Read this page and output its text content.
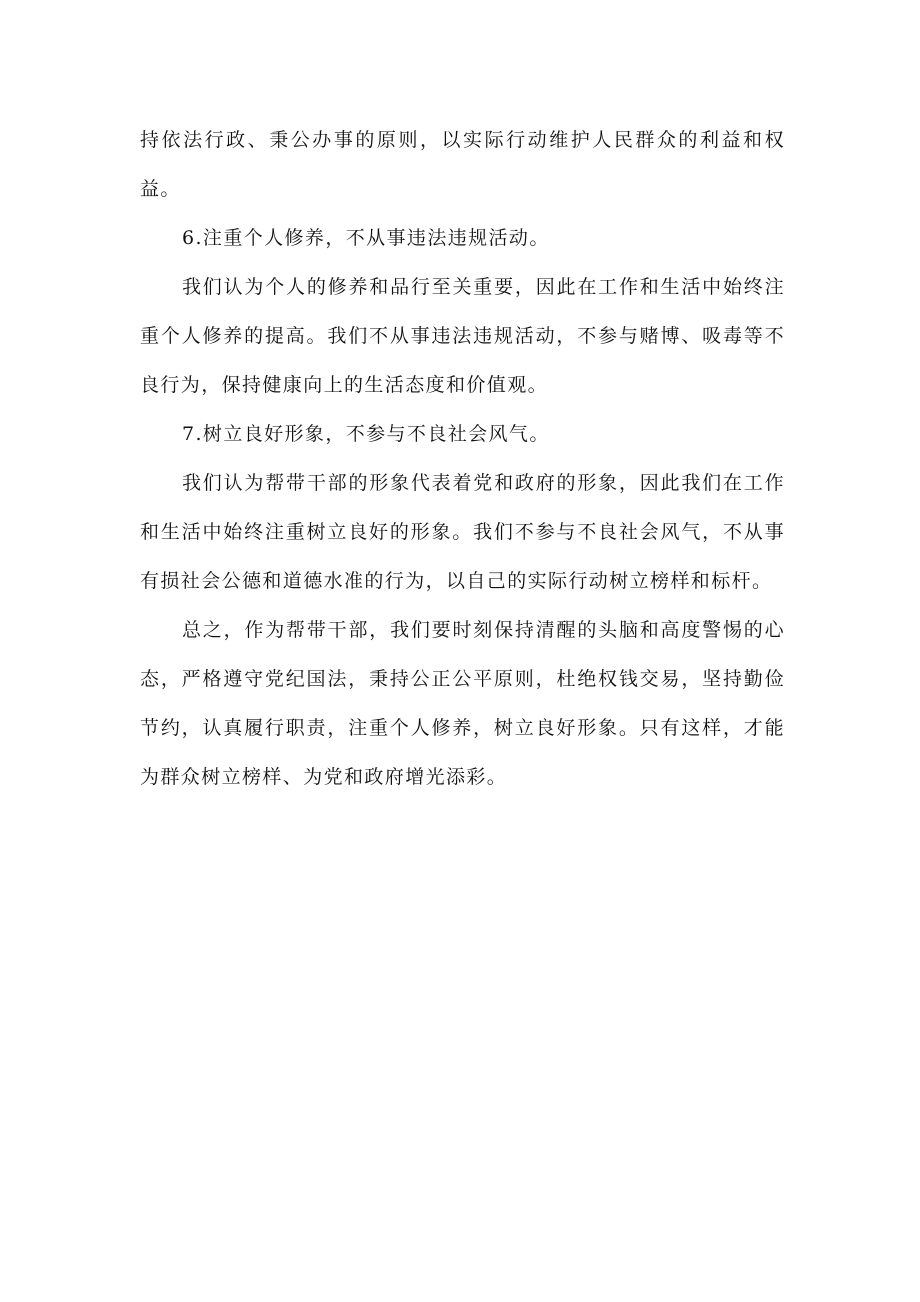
持依法行政、秉公办事的原则，以实际行动维护人民群众的利益和权益。

6.注重个人修养，不从事违法违规活动。

我们认为个人的修养和品行至关重要，因此在工作和生活中始终注重个人修养的提高。我们不从事违法违规活动，不参与赌博、吸毒等不良行为，保持健康向上的生活态度和价值观。

7.树立良好形象，不参与不良社会风气。

我们认为帮带干部的形象代表着党和政府的形象，因此我们在工作和生活中始终注重树立良好的形象。我们不参与不良社会风气，不从事有损社会公德和道德水准的行为，以自己的实际行动树立榜样和标杆。

总之，作为帮带干部，我们要时刻保持清醒的头脑和高度警惕的心态，严格遵守党纪国法，秉持公正公平原则，杜绝权钱交易，坚持勤俭节约，认真履行职责，注重个人修养，树立良好形象。只有这样，才能为群众树立榜样、为党和政府增光添彩。
